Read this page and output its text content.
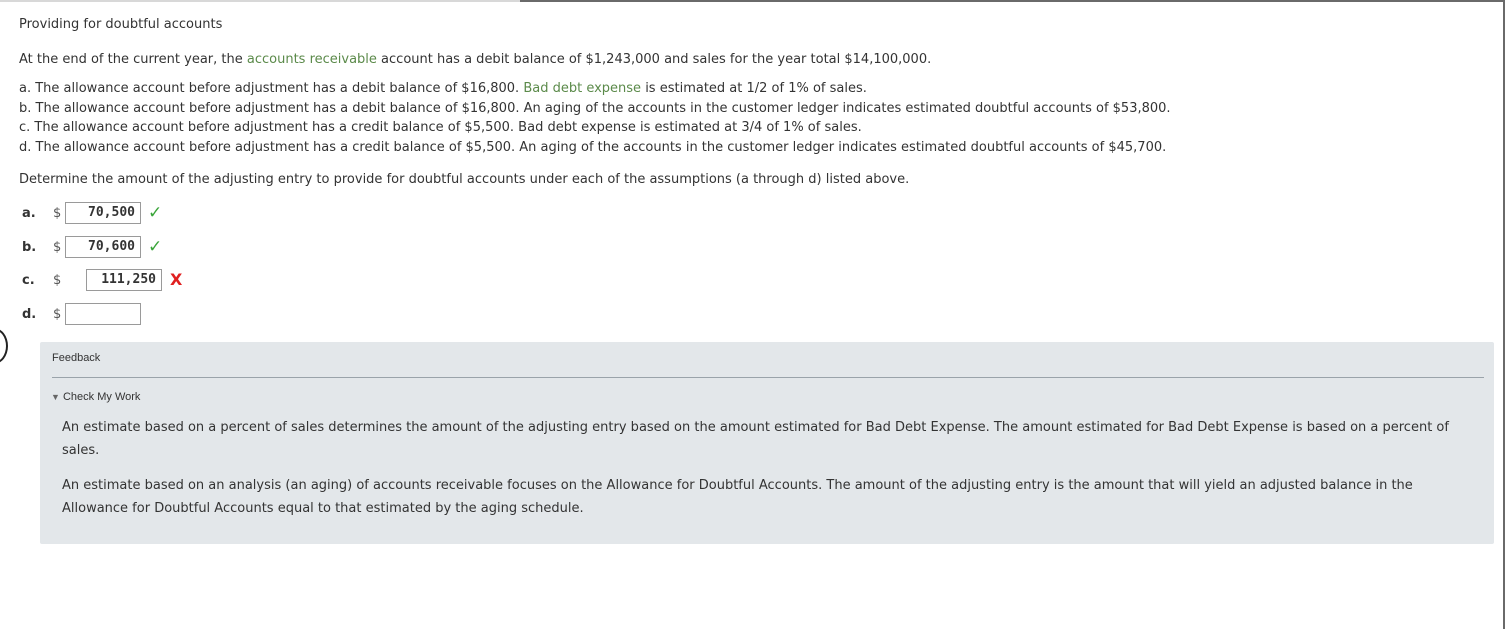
Providing for doubtful accounts
At the end of the current year, the accounts receivable account has a debit balance of $1,243,000 and sales for the year total $14,100,000.
a. The allowance account before adjustment has a debit balance of $16,800. Bad debt expense is estimated at 1/2 of 1% of sales.
b. The allowance account before adjustment has a debit balance of $16,800. An aging of the accounts in the customer ledger indicates estimated doubtful accounts of $53,800.
c. The allowance account before adjustment has a credit balance of $5,500. Bad debt expense is estimated at 3/4 of 1% of sales.
d. The allowance account before adjustment has a credit balance of $5,500. An aging of the accounts in the customer ledger indicates estimated doubtful accounts of $45,700.
Determine the amount of the adjusting entry to provide for doubtful accounts under each of the assumptions (a through d) listed above.
a. $	70,500 ✓
b. $	70,600 ✓
c. $	111,250 X
d. $
Feedback
▼ Check My Work

An estimate based on a percent of sales determines the amount of the adjusting entry based on the amount estimated for Bad Debt Expense. The amount estimated for Bad Debt Expense is based on a percent of sales.

An estimate based on an analysis (an aging) of accounts receivable focuses on the Allowance for Doubtful Accounts. The amount of the adjusting entry is the amount that will yield an adjusted balance in the Allowance for Doubtful Accounts equal to that estimated by the aging schedule.
